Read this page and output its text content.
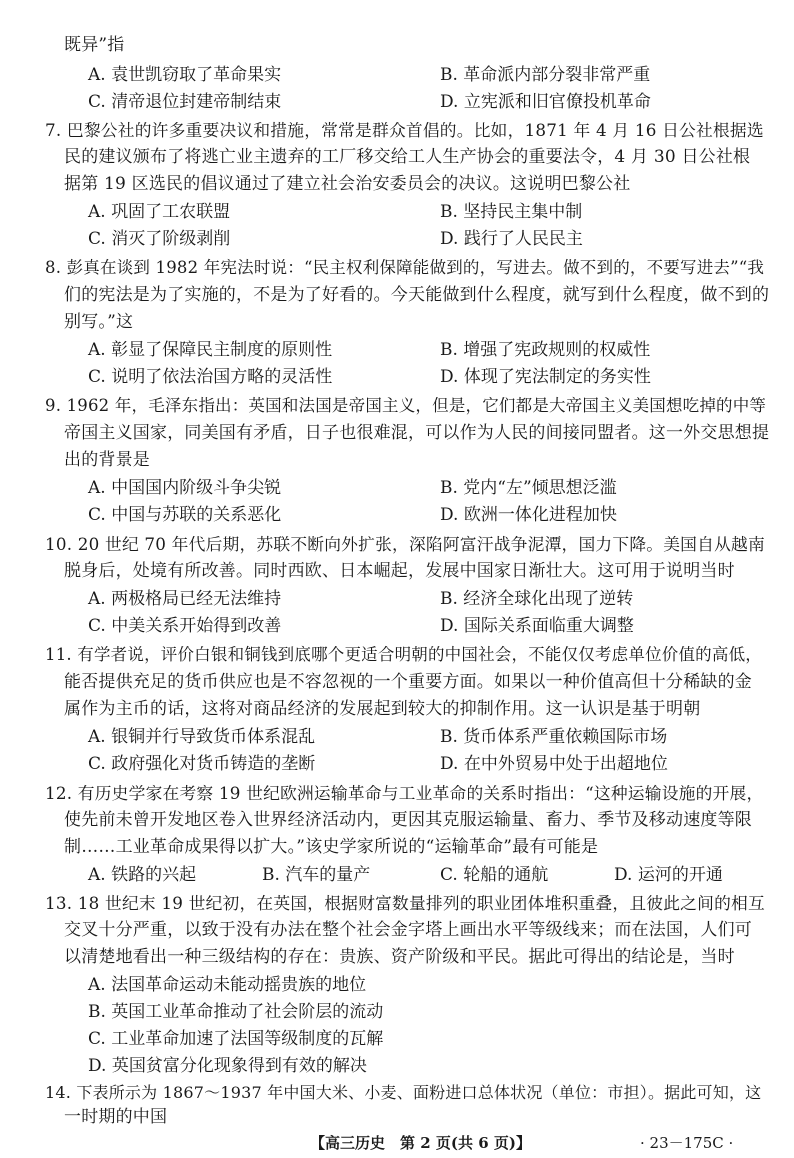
既异”指
A. 袁世凯窃取了革命果实	B. 革命派内部分裂非常严重
C. 清帝退位封建帝制结束	D. 立宪派和旧官僚投机革命
7. 巴黎公社的许多重要决议和措施，常常是群众首倡的。比如，1871 年 4 月 16 日公社根据选
民的建议颁布了将逃亡业主遗弃的工厂移交给工人生产协会的重要法令，4 月 30 日公社根
据第 19 区选民的倡议通过了建立社会治安委员会的决议。这说明巴黎公社
A. 巩固了工农联盟	B. 坚持民主集中制
C. 消灭了阶级剥削	D. 践行了人民民主
8. 彭真在谈到 1982 年宪法时说：“民主权利保障能做到的，写进去。做不到的，不要写进去”“我
们的宪法是为了实施的，不是为了好看的。今天能做到什么程度，就写到什么程度，做不到的
别写。”这
A. 彰显了保障民主制度的原则性	B. 增强了宪政规则的权威性
C. 说明了依法治国方略的灵活性	D. 体现了宪法制定的务实性
9. 1962 年，毛泽东指出：英国和法国是帝国主义，但是，它们都是大帝国主义美国想吃掉的中等
帝国主义国家，同美国有矛盾，日子也很难混，可以作为人民的间接同盟者。这一外交思想提
出的背景是
A. 中国国内阶级斗争尖锐	B. 党内“左”倾思想泛滥
C. 中国与苏联的关系恶化	D. 欧洲一体化进程加快
10. 20 世纪 70 年代后期，苏联不断向外扩张，深陷阿富汗战争泥潭，国力下降。美国自从越南
脱身后，处境有所改善。同时西欧、日本崛起，发展中国家日渐壮大。这可用于说明当时
A. 两极格局已经无法维持	B. 经济全球化出现了逆转
C. 中美关系开始得到改善	D. 国际关系面临重大调整
11. 有学者说，评价白银和铜钱到底哪个更适合明朝的中国社会，不能仅仅考虑单位价值的高低，
能否提供充足的货币供应也是不容忽视的一个重要方面。如果以一种价值高但十分稀缺的金
属作为主币的话，这将对商品经济的发展起到较大的抑制作用。这一认识是基于明朝
A. 银铜并行导致货币体系混乱	B. 货币体系严重依赖国际市场
C. 政府强化对货币铸造的垄断	D. 在中外贸易中处于出超地位
12. 有历史学家在考察 19 世纪欧洲运输革命与工业革命的关系时指出：“这种运输设施的开展，
使先前未曾开发地区卷入世界经济活动内，更因其克服运输量、畜力、季节及移动速度等限
制……工业革命成果得以扩大。”该史学家所说的“运输革命”最有可能是
A. 铁路的兴起	B. 汽车的量产	C. 轮船的通航	D. 运河的开通
13. 18 世纪末 19 世纪初，在英国，根据财富数量排列的职业团体堆积重叠，且彼此之间的相互
交叉十分严重，以致于没有办法在整个社会金字塔上画出水平等级线来；而在法国，人们可
以清楚地看出一种三级结构的存在：贵族、资产阶级和平民。据此可得出的结论是，当时
A. 法国革命运动未能动摇贵族的地位
B. 英国工业革命推动了社会阶层的流动
C. 工业革命加速了法国等级制度的瓦解
D. 英国贫富分化现象得到有效的解决
14. 下表所示为 1867～1937 年中国大米、小麦、面粉进口总体状况（单位：市担）。据此可知，这
一时期的中国
【高三历史　第 2 页(共 6 页)】	· 23－175C ·
